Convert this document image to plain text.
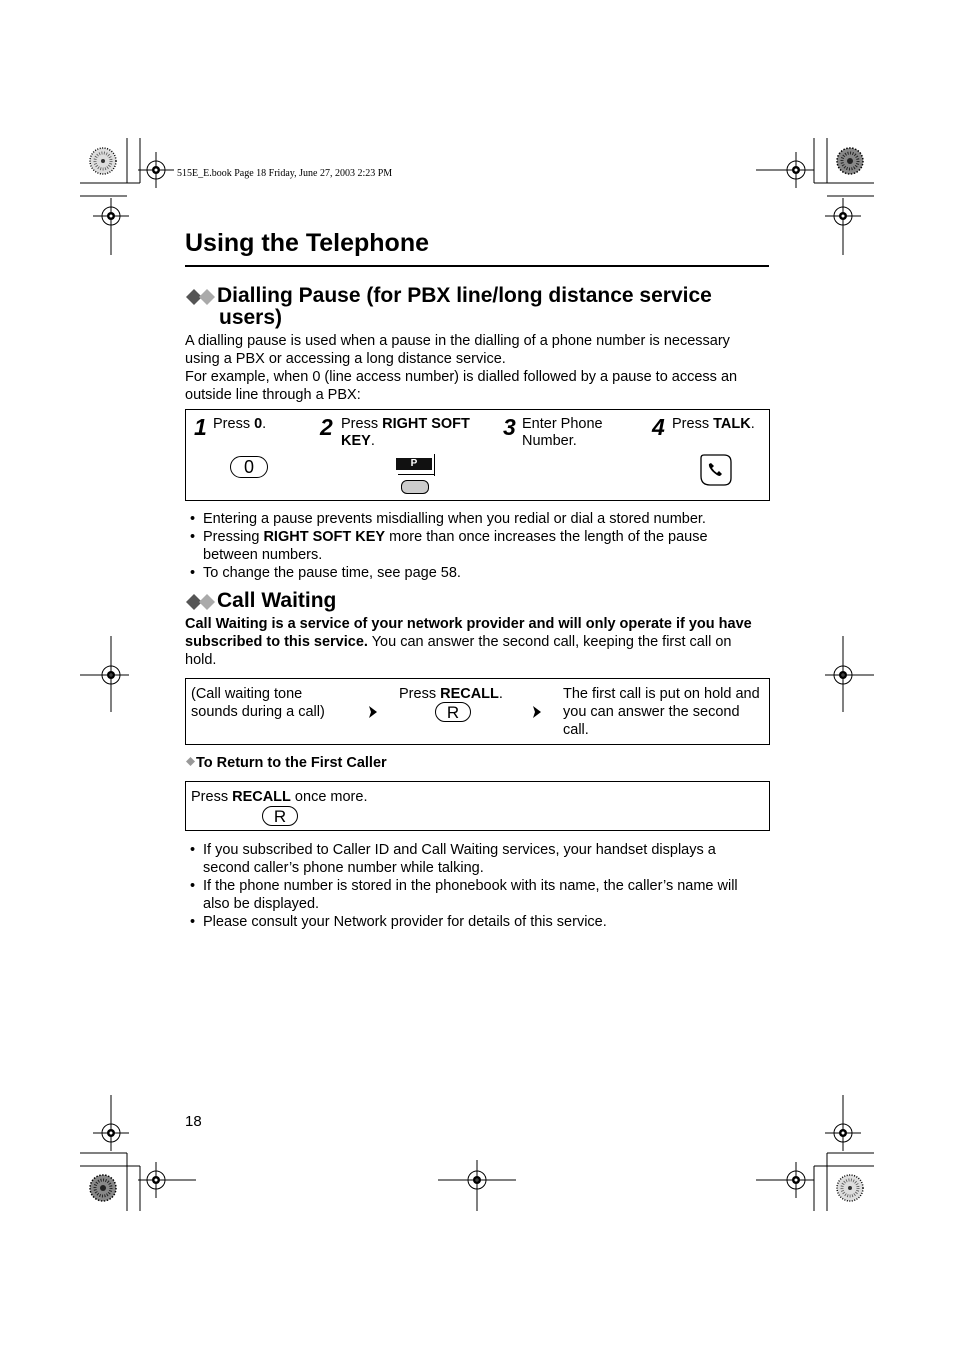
515E_E.book Page 18 Friday, June 27, 2003 2:23 PM
Using the Telephone
Dialling Pause (for PBX line/long distance service
users)

A dialling pause is used when a pause in the dialling of a phone number is necessary

using a PBX or accessing a long distance service.

For example, when 0 (line access number) is dialled followed by a pause to access an

outside line through a PBX:

1 Press 0.
0
2 Press RIGHT SOFT
KEY.
P
3 Enter Phone
Number.
4 Press TALK.
• Entering a pause prevents misdialling when you redial or dial a stored number.
• Pressing RIGHT SOFT KEY more than once increases the length of the pause
between numbers.
• To change the pause time, see page 58.
Call Waiting

Call Waiting is a service of your network provider and will only operate if you have

subscribed to this service. You can answer the second call, keeping the first call on

hold.

(Call waiting tone
sounds during a call)
Press RECALL.
R
The first call is put on hold and
you can answer the second
call.
To Return to the First Caller
Press RECALL once more.
R
• If you subscribed to Caller ID and Call Waiting services, your handset displays a
second caller’s phone number while talking.
• If the phone number is stored in the phonebook with its name, the caller’s name will
also be displayed.
• Please consult your Network provider for details of this service.
18
